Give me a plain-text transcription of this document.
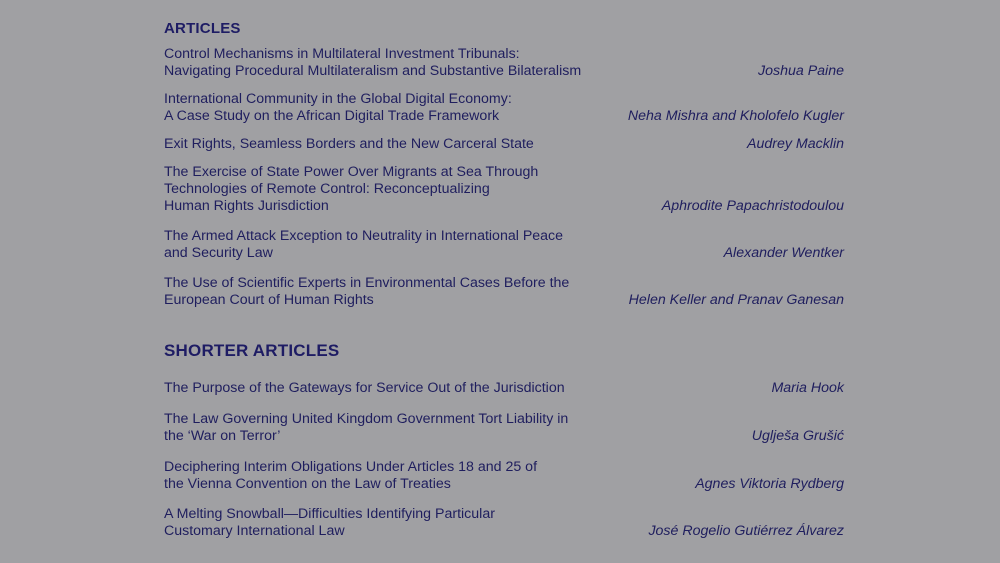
ARTICLES
Control Mechanisms in Multilateral Investment Tribunals:
Navigating Procedural Multilateralism and Substantive Bilateralism	Joshua Paine
International Community in the Global Digital Economy:
A Case Study on the African Digital Trade Framework	Neha Mishra and Kholofelo Kugler
Exit Rights, Seamless Borders and the New Carceral State	Audrey Macklin
The Exercise of State Power Over Migrants at Sea Through
Technologies of Remote Control: Reconceptualizing
Human Rights Jurisdiction	Aphrodite Papachristodoulou
The Armed Attack Exception to Neutrality in International Peace
and Security Law	Alexander Wentker
The Use of Scientific Experts in Environmental Cases Before the
European Court of Human Rights	Helen Keller and Pranav Ganesan
SHORTER ARTICLES
The Purpose of the Gateways for Service Out of the Jurisdiction	Maria Hook
The Law Governing United Kingdom Government Tort Liability in
the ‘War on Terror’	Uglješa Grušić
Deciphering Interim Obligations Under Articles 18 and 25 of
the Vienna Convention on the Law of Treaties	Agnes Viktoria Rydberg
A Melting Snowball—Difficulties Identifying Particular
Customary International Law	José Rogelio Gutiérrez Álvarez
